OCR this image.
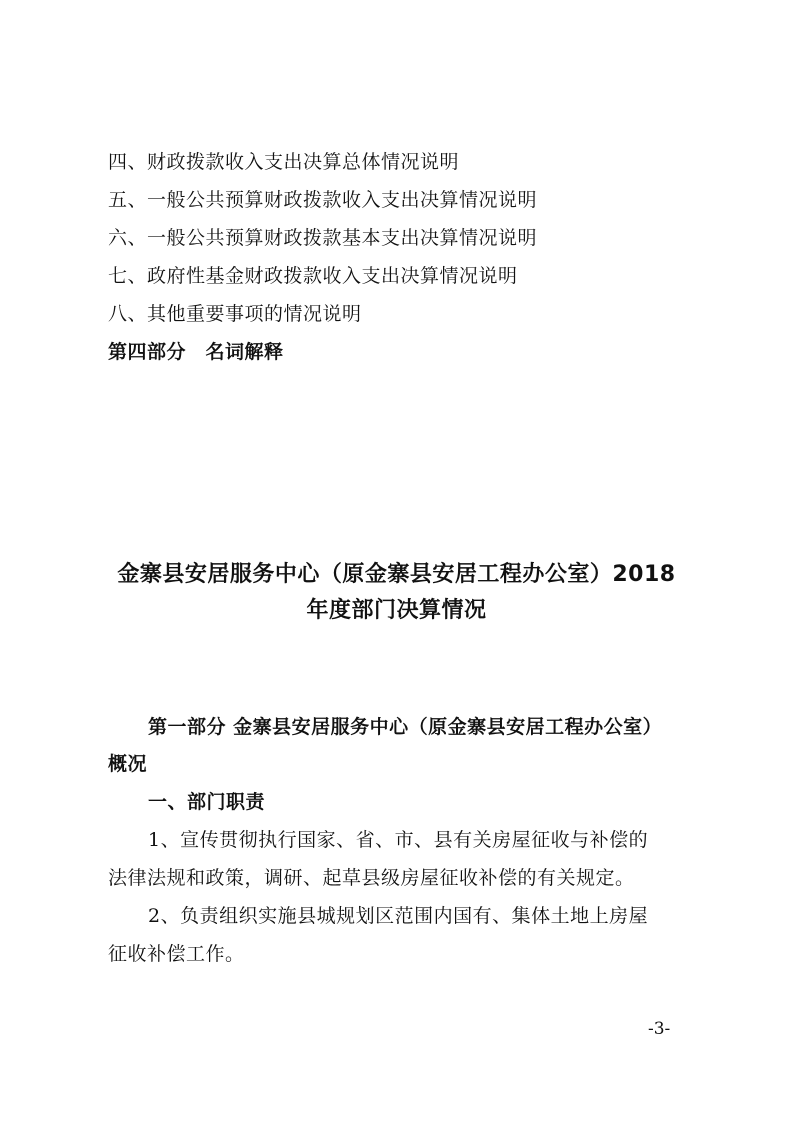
四、财政拨款收入支出决算总体情况说明
五、一般公共预算财政拨款收入支出决算情况说明
六、一般公共预算财政拨款基本支出决算情况说明
七、政府性基金财政拨款收入支出决算情况说明
八、其他重要事项的情况说明
第四部分　名词解释
金寨县安居服务中心（原金寨县安居工程办公室）2018
年度部门决算情况
第一部分 金寨县安居服务中心（原金寨县安居工程办公室）
概况
一、部门职责
1、宣传贯彻执行国家、省、市、县有关房屋征收与补偿的
法律法规和政策，调研、起草县级房屋征收补偿的有关规定。
2、负责组织实施县城规划区范围内国有、集体土地上房屋
征收补偿工作。
-3-
